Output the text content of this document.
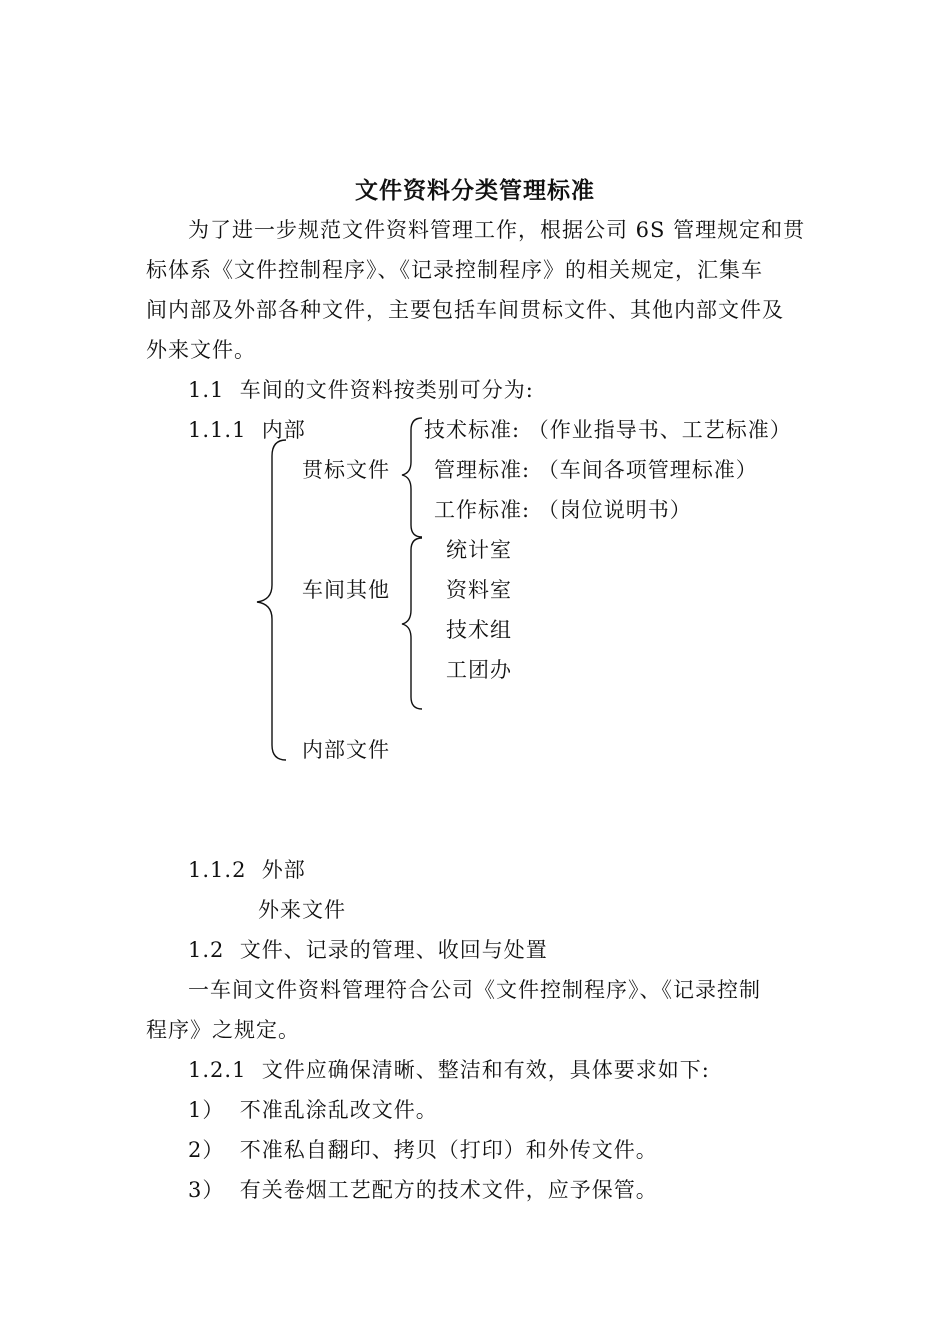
文件资料分类管理标准
为了进一步规范文件资料管理工作，根据公司 6S 管理规定和贯
标体系《文件控制程序》、《记录控制程序》的相关规定，汇集车
间内部及外部各种文件，主要包括车间贯标文件、其他内部文件及
外来文件。
1.1  车间的文件资料按类别可分为:
1.1.1  内部
贯标文件
车间其他
内部文件
技术标准: （作业指导书、工艺标准）
管理标准: （车间各项管理标准）
工作标准: （岗位说明书）
统计室
资料室
技术组
工团办
1.1.2  外部
外来文件
1.2  文件、记录的管理、收回与处置
一车间文件资料管理符合公司《文件控制程序》、《记录控制
程序》之规定。
1.2.1  文件应确保清晰、整洁和有效，具体要求如下:
1）  不准乱涂乱改文件。
2）  不准私自翻印、拷贝（打印）和外传文件。
3）  有关卷烟工艺配方的技术文件，应予保管。
